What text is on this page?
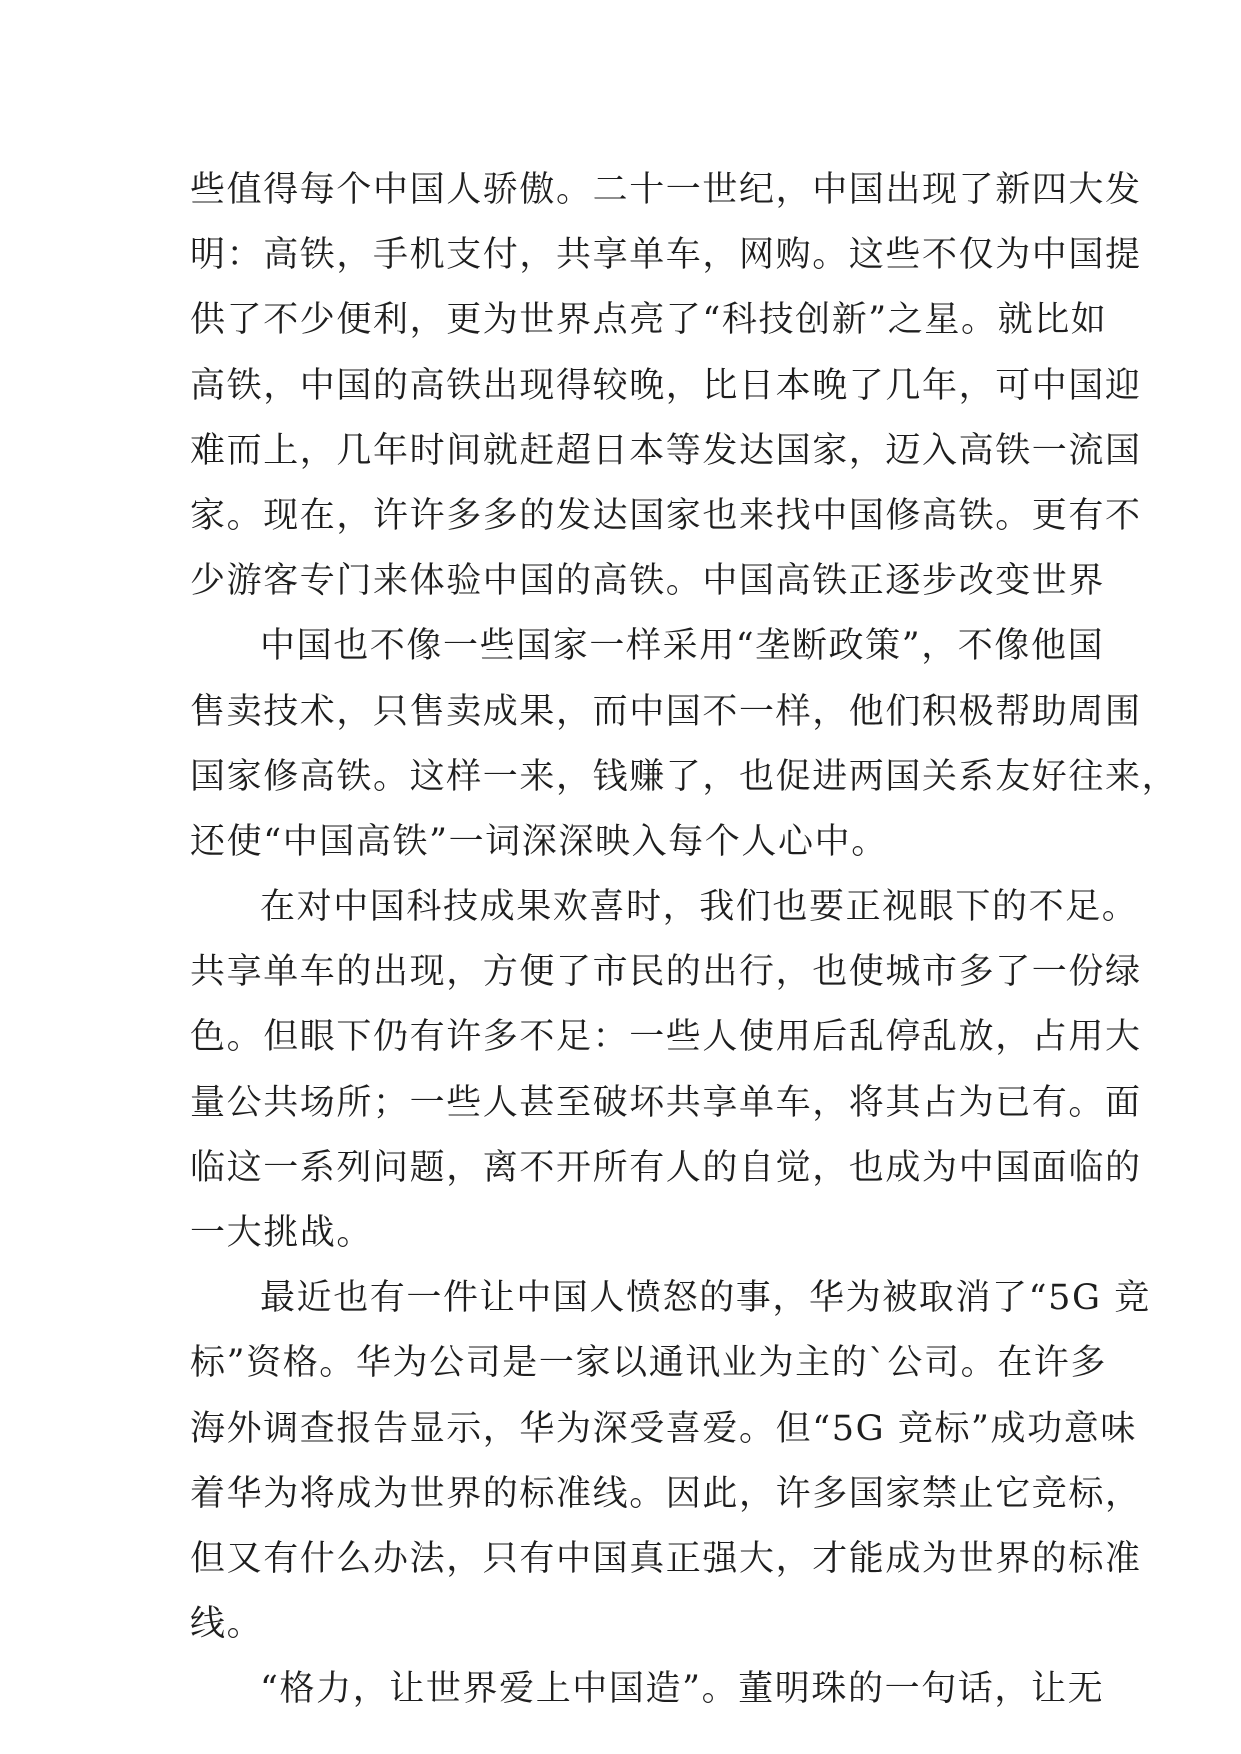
些值得每个中国人骄傲。二十一世纪，中国出现了新四大发
明：高铁，手机支付，共享单车，网购。这些不仅为中国提
供了不少便利，更为世界点亮了“科技创新”之星。就比如
高铁，中国的高铁出现得较晚，比日本晚了几年，可中国迎
难而上，几年时间就赶超日本等发达国家，迈入高铁一流国
家。现在，许许多多的发达国家也来找中国修高铁。更有不
少游客专门来体验中国的高铁。中国高铁正逐步改变世界
中国也不像一些国家一样采用“垄断政策”，不像他国
售卖技术，只售卖成果，而中国不一样，他们积极帮助周围
国家修高铁。这样一来，钱赚了，也促进两国关系友好往来，
还使“中国高铁”一词深深映入每个人心中。
在对中国科技成果欢喜时，我们也要正视眼下的不足。
共享单车的出现，方便了市民的出行，也使城市多了一份绿
色。但眼下仍有许多不足：一些人使用后乱停乱放，占用大
量公共场所；一些人甚至破坏共享单车，将其占为已有。面
临这一系列问题，离不开所有人的自觉，也成为中国面临的
一大挑战。
最近也有一件让中国人愤怒的事，华为被取消了“5G 竞
标”资格。华为公司是一家以通讯业为主的`公司。在许多
海外调查报告显示，华为深受喜爱。但“5G 竞标”成功意味
着华为将成为世界的标准线。因此，许多国家禁止它竞标，
但又有什么办法，只有中国真正强大，才能成为世界的标准
线。
“格力，让世界爱上中国造”。董明珠的一句话，让无
